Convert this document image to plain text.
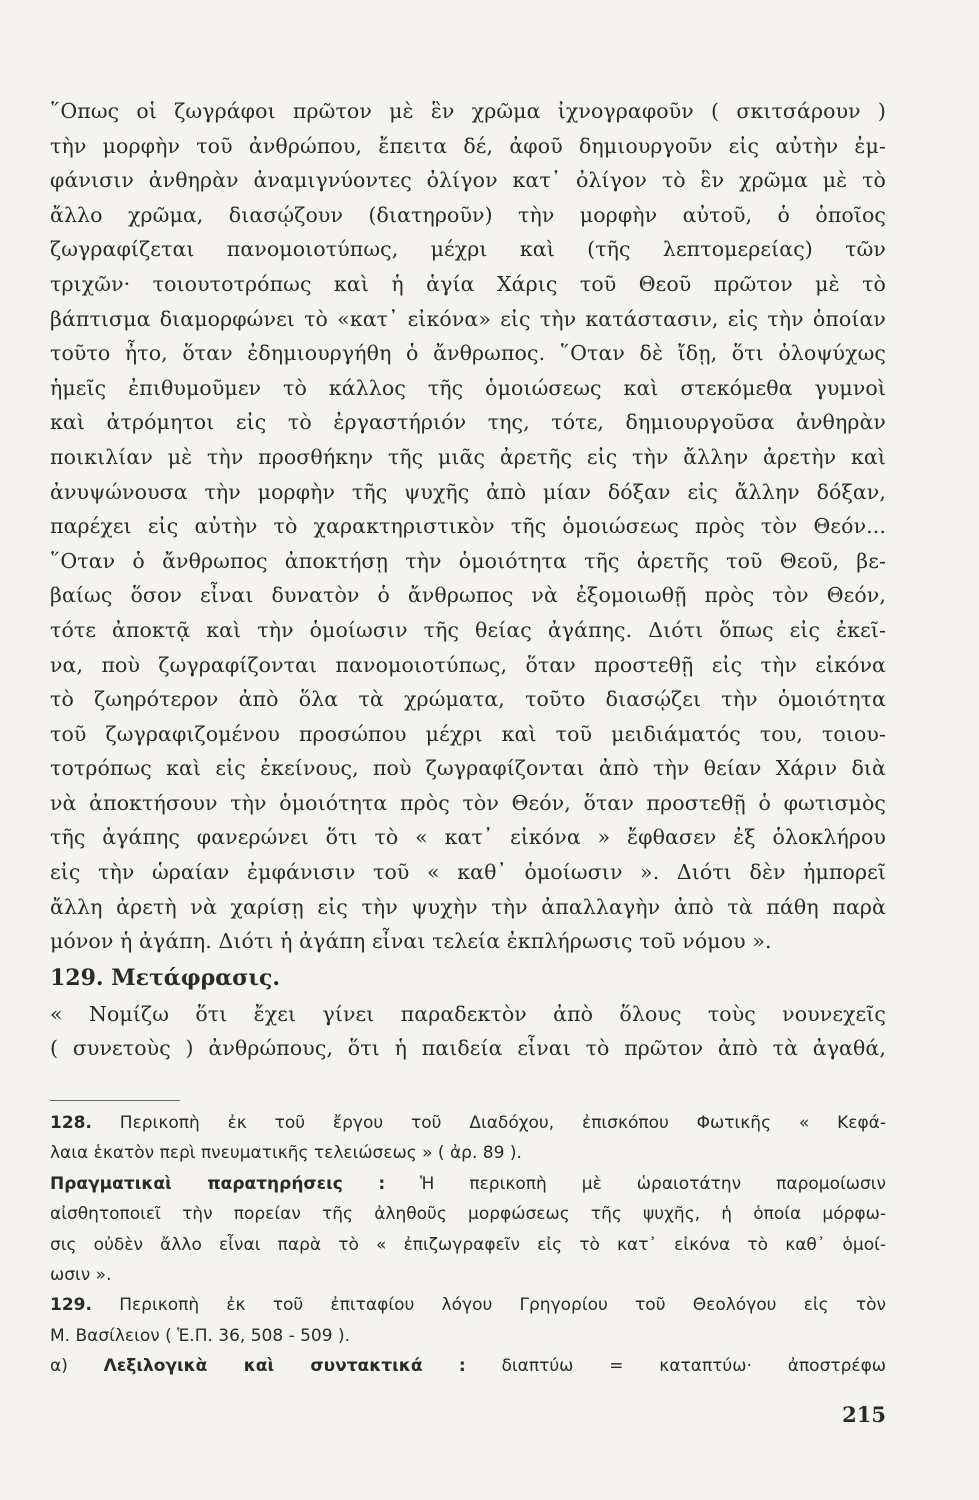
῞Οπως οἱ ζωγράφοι πρῶτον μὲ ἓν χρῶμα ἰχνογραφοῦν ( σκιτσάρουν )
τὴν μορφὴν τοῦ ἀνθρώπου, ἔπειτα δέ, ἀφοῦ δημιουργοῦν εἰς αὐτὴν ἐμ-
φάνισιν ἀνθηρὰν ἀναμιγνύοντες ὀλίγον κατ᾽ ὀλίγον τὸ ἓν χρῶμα μὲ τὸ
ἄλλο χρῶμα, διασῴζουν (διατηροῦν) τὴν μορφὴν αὐτοῦ, ὁ ὁποῖος
ζωγραφίζεται πανομοιοτύπως, μέχρι καὶ (τῆς λεπτομερείας) τῶν
τριχῶν· τοιουτοτρόπως καὶ ἡ ἁγία Χάρις τοῦ Θεοῦ πρῶτον μὲ τὸ
βάπτισμα διαμορφώνει τὸ «κατ᾽ εἰκόνα» εἰς τὴν κατάστασιν, εἰς τὴν ὁποίαν
τοῦτο ἦτο, ὅταν ἐδημιουργήθη ὁ ἄνθρωπος. ῞Οταν δὲ ἴδῃ, ὅτι ὁλοψύχως
ἡμεῖς ἐπιθυμοῦμεν τὸ κάλλος τῆς ὁμοιώσεως καὶ στεκόμεθα γυμνοὶ
καὶ ἀτρόμητοι εἰς τὸ ἐργαστήριόν της, τότε, δημιουργοῦσα ἀνθηρὰν
ποικιλίαν μὲ τὴν προσθήκην τῆς μιᾶς ἀρετῆς εἰς τὴν ἄλλην ἀρετὴν καὶ
ἀνυψώνουσα τὴν μορφὴν τῆς ψυχῆς ἀπὸ μίαν δόξαν εἰς ἄλλην δόξαν,
παρέχει εἰς αὐτὴν τὸ χαρακτηριστικὸν τῆς ὁμοιώσεως πρὸς τὸν Θεόν...
῞Οταν ὁ ἄνθρωπος ἀποκτήσῃ τὴν ὁμοιότητα τῆς ἀρετῆς τοῦ Θεοῦ, βε-
βαίως ὅσον εἶναι δυνατὸν ὁ ἄνθρωπος νὰ ἐξομοιωθῇ πρὸς τὸν Θεόν,
τότε ἀποκτᾷ καὶ τὴν ὁμοίωσιν τῆς θείας ἀγάπης. Διότι ὅπως εἰς ἐκεῖ-
να, ποὺ ζωγραφίζονται πανομοιοτύπως, ὅταν προστεθῇ εἰς τὴν εἰκόνα
τὸ ζωηρότερον ἀπὸ ὅλα τὰ χρώματα, τοῦτο διασῴζει τὴν ὁμοιότητα
τοῦ ζωγραφιζομένου προσώπου μέχρι καὶ τοῦ μειδιάματός του, τοιου-
τοτρόπως καὶ εἰς ἐκείνους, ποὺ ζωγραφίζονται ἀπὸ τὴν θείαν Χάριν διὰ
νὰ ἀποκτήσουν τὴν ὁμοιότητα πρὸς τὸν Θεόν, ὅταν προστεθῇ ὁ φωτισμὸς
τῆς ἀγάπης φανερώνει ὅτι τὸ « κατ᾽ εἰκόνα » ἔφθασεν ἐξ ὁλοκλήρου
εἰς τὴν ὡραίαν ἐμφάνισιν τοῦ « καθ᾽ ὁμοίωσιν ». Διότι δὲν ἠμπορεῖ
ἄλλη ἀρετὴ νὰ χαρίσῃ εἰς τὴν ψυχὴν τὴν ἀπαλλαγὴν ἀπὸ τὰ πάθη παρὰ
μόνον ἡ ἀγάπη. Διότι ἡ ἀγάπη εἶναι τελεία ἐκπλήρωσις τοῦ νόμου ».
129. Μετάφρασις.
« Νομίζω ὅτι ἔχει γίνει παραδεκτὸν ἀπὸ ὅλους τοὺς νουνεχεῖς
( συνετοὺς ) ἀνθρώπους, ὅτι ἡ παιδεία εἶναι τὸ πρῶτον ἀπὸ τὰ ἀγαθά,
128. Περικοπὴ ἐκ τοῦ ἔργου τοῦ Διαδόχου, ἐπισκόπου Φωτικῆς « Κεφά-
λαια ἑκατὸν περὶ πνευματικῆς τελειώσεως » ( ἀρ. 89 ).
Πραγματικαὶ παρατηρήσεις : Ἡ περικοπὴ μὲ ὡραιοτάτην παρομοίωσιν
αἰσθητοποιεῖ τὴν πορείαν τῆς ἀληθοῦς μορφώσεως τῆς ψυχῆς, ἡ ὁποία μόρφω-
σις οὐδὲν ἄλλο εἶναι παρὰ τὸ « ἐπιζωγραφεῖν εἰς τὸ κατ᾽ εἰκόνα τὸ καθ᾽ ὁμοί-
ωσιν ».
129. Περικοπὴ ἐκ τοῦ ἐπιταφίου λόγου Γρηγορίου τοῦ Θεολόγου εἰς τὸν
Μ. Βασίλειον ( Ἑ.Π. 36, 508 - 509 ).
α) Λεξιλογικὰ καὶ συντακτικά : διαπτύω = καταπτύω· ἀποστρέφω
215
